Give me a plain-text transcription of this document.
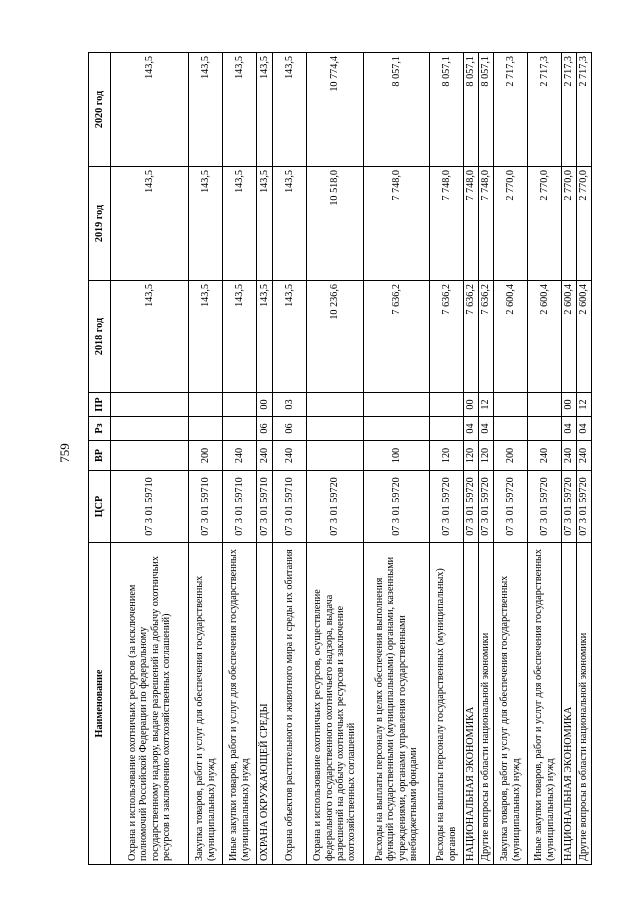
759
Наименование	ЦСР	ВР	Рз	ПР	2018 год	2019 год	2020 год
Охрана и использование охотничьих ресурсов (за исключением полномочий Российской Федерации по федеральному государственному надзору, выдаче разрешений на добычу охотничьих ресурсов и заключению охотхозяйственных соглашений)	07 3 01 59710				143,5	143,5	143,5
Закупка товаров, работ и услуг для обеспечения государственных (муниципальных) нужд	07 3 01 59710	200			143,5	143,5	143,5
Иные закупки товаров, работ и услуг для обеспечения государственных (муниципальных) нужд	07 3 01 59710	240			143,5	143,5	143,5
ОХРАНА ОКРУЖАЮЩЕЙ СРЕДЫ	07 3 01 59710	240	06	00	143,5	143,5	143,5
Охрана объектов растительного и животного мира и среды их обитания	07 3 01 59710	240	06	03	143,5	143,5	143,5
Охрана и использование охотничьих ресурсов, осуществление федерального государственного охотничьего надзора, выдача разрешений на добычу охотничьих ресурсов и заключение охотхозяйственных соглашений	07 3 01 59720				10 236,6	10 518,0	10 774,4
Расходы на выплаты персоналу в целях обеспечения выполнения функций государственными (муниципальными) органами, казенными учреждениями, органами управления государственными внебюджетными фондами	07 3 01 59720	100			7 636,2	7 748,0	8 057,1
Расходы на выплаты персоналу государственных (муниципальных) органов	07 3 01 59720	120			7 636,2	7 748,0	8 057,1
НАЦИОНАЛЬНАЯ ЭКОНОМИКА	07 3 01 59720	120	04	00	7 636,2	7 748,0	8 057,1
Другие вопросы в области национальной экономики	07 3 01 59720	120	04	12	7 636,2	7 748,0	8 057,1
Закупка товаров, работ и услуг для обеспечения государственных (муниципальных) нужд	07 3 01 59720	200			2 600,4	2 770,0	2 717,3
Иные закупки товаров, работ и услуг для обеспечения государственных (муниципальных) нужд	07 3 01 59720	240			2 600,4	2 770,0	2 717,3
НАЦИОНАЛЬНАЯ ЭКОНОМИКА	07 3 01 59720	240	04	00	2 600,4	2 770,0	2 717,3
Другие вопросы в области национальной экономики	07 3 01 59720	240	04	12	2 600,4	2 770,0	2 717,3
